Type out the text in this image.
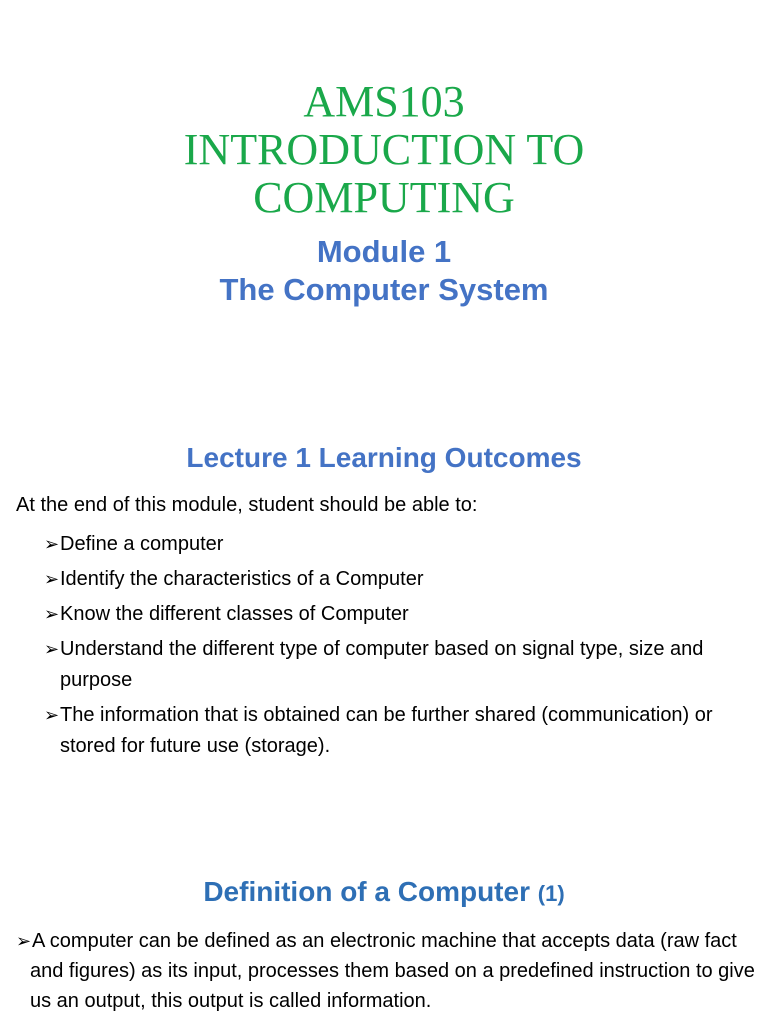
AMS103

INTRODUCTION TO

COMPUTING

Module 1

The Computer System

Lecture 1 Learning Outcomes

At the end of this module, student should be able to:

➢Define a computer
➢Identify the characteristics of a Computer
➢Know the different classes of Computer
➢Understand the different type of computer based on signal type, size and purpose
➢The information that is obtained can be further shared (communication) or stored for future use (storage).
Definition of a Computer (1)

➢A computer can be defined as an electronic machine that accepts data (raw fact and figures) as its input, processes them based on a predefined instruction to give us an output, this output is called information.
